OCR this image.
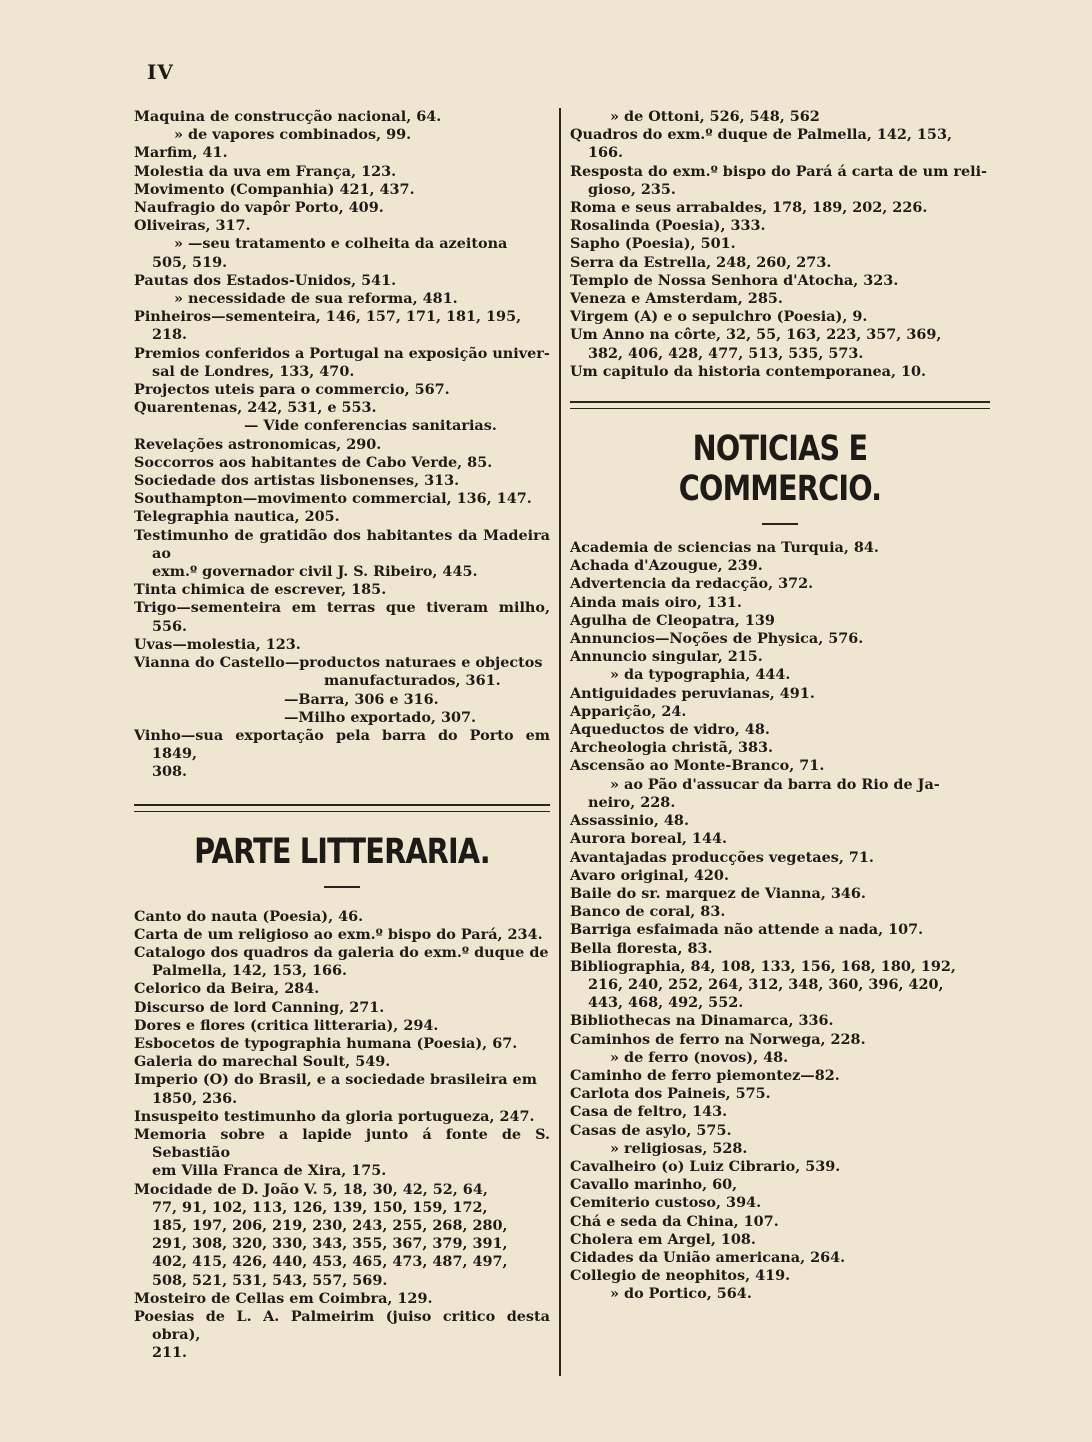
IV
Maquina de construcção nacional, 64.
» de vapores combinados, 99.
Marfim, 41.
Molestia da uva em França, 123.
Movimento (Companhia) 421, 437.
Naufragio do vapôr Porto, 409.
Oliveiras, 317.
» —seu tratamento e colheita da azeitona
505, 519.
Pautas dos Estados-Unidos, 541.
» necessidade de sua reforma, 481.
Pinheiros—sementeira, 146, 157, 171, 181, 195,
218.
Premios conferidos a Portugal na exposição univer-
sal de Londres, 133, 470.
Projectos uteis para o commercio, 567.
Quarentenas, 242, 531, e 553.
— Vide conferencias sanitarias.
Revelações astronomicas, 290.
Soccorros aos habitantes de Cabo Verde, 85.
Sociedade dos artistas lisbonenses, 313.
Southampton—movimento commercial, 136, 147.
Telegraphia nautica, 205.
Testimunho de gratidão dos habitantes da Madeira ao
exm.º governador civil J. S. Ribeiro, 445.
Tinta chimica de escrever, 185.
Trigo—sementeira em terras que tiveram milho, 556.
Uvas—molestia, 123.
Vianna do Castello—productos naturaes e objectos
manufacturados, 361.
—Barra, 306 e 316.
—Milho exportado, 307.
Vinho—sua exportação pela barra do Porto em 1849,
308.
PARTE LITTERARIA.
Canto do nauta (Poesia), 46.
Carta de um religioso ao exm.º bispo do Pará, 234.
Catalogo dos quadros da galeria do exm.º duque de
Palmella, 142, 153, 166.
Celorico da Beira, 284.
Discurso de lord Canning, 271.
Dores e flores (critica litteraria), 294.
Esbocetos de typographia humana (Poesia), 67.
Galeria do marechal Soult, 549.
Imperio (O) do Brasil, e a sociedade brasileira em
1850, 236.
Insuspeito testimunho da gloria portugueza, 247.
Memoria sobre a lapide junto á fonte de S. Sebastião
em Villa Franca de Xira, 175.
Mocidade de D. João V. 5, 18, 30, 42, 52, 64,
77, 91, 102, 113, 126, 139, 150, 159, 172,
185, 197, 206, 219, 230, 243, 255, 268, 280,
291, 308, 320, 330, 343, 355, 367, 379, 391,
402, 415, 426, 440, 453, 465, 473, 487, 497,
508, 521, 531, 543, 557, 569.
Mosteiro de Cellas em Coimbra, 129.
Poesias de L. A. Palmeirim (juiso critico desta obra),
211.
» de Ottoni, 526, 548, 562
Quadros do exm.º duque de Palmella, 142, 153,
166.
Resposta do exm.º bispo do Pará á carta de um reli-
gioso, 235.
Roma e seus arrabaldes, 178, 189, 202, 226.
Rosalinda (Poesia), 333.
Sapho (Poesia), 501.
Serra da Estrella, 248, 260, 273.
Templo de Nossa Senhora d'Atocha, 323.
Veneza e Amsterdam, 285.
Virgem (A) e o sepulchro (Poesia), 9.
Um Anno na côrte, 32, 55, 163, 223, 357, 369,
382, 406, 428, 477, 513, 535, 573.
Um capitulo da historia contemporanea, 10.
NOTICIAS E COMMERCIO.
Academia de sciencias na Turquia, 84.
Achada d'Azougue, 239.
Advertencia da redacção, 372.
Ainda mais oiro, 131.
Agulha de Cleopatra, 139
Annuncios—Noções de Physica, 576.
Annuncio singular, 215.
» da typographia, 444.
Antiguidades peruvianas, 491.
Apparição, 24.
Aqueductos de vidro, 48.
Archeologia christã, 383.
Ascensão ao Monte-Branco, 71.
» ao Pão d'assucar da barra do Rio de Ja-
neiro, 228.
Assassinio, 48.
Aurora boreal, 144.
Avantajadas producções vegetaes, 71.
Avaro original, 420.
Baile do sr. marquez de Vianna, 346.
Banco de coral, 83.
Barriga esfaimada não attende a nada, 107.
Bella floresta, 83.
Bibliographia, 84, 108, 133, 156, 168, 180, 192,
216, 240, 252, 264, 312, 348, 360, 396, 420,
443, 468, 492, 552.
Bibliothecas na Dinamarca, 336.
Caminhos de ferro na Norwega, 228.
» de ferro (novos), 48.
Caminho de ferro piemontez—82.
Carlota dos Paineis, 575.
Casa de feltro, 143.
Casas de asylo, 575.
» religiosas, 528.
Cavalheiro (o) Luiz Cibrario, 539.
Cavallo marinho, 60,
Cemiterio custoso, 394.
Chá e seda da China, 107.
Cholera em Argel, 108.
Cidades da União americana, 264.
Collegio de neophitos, 419.
» do Portico, 564.
